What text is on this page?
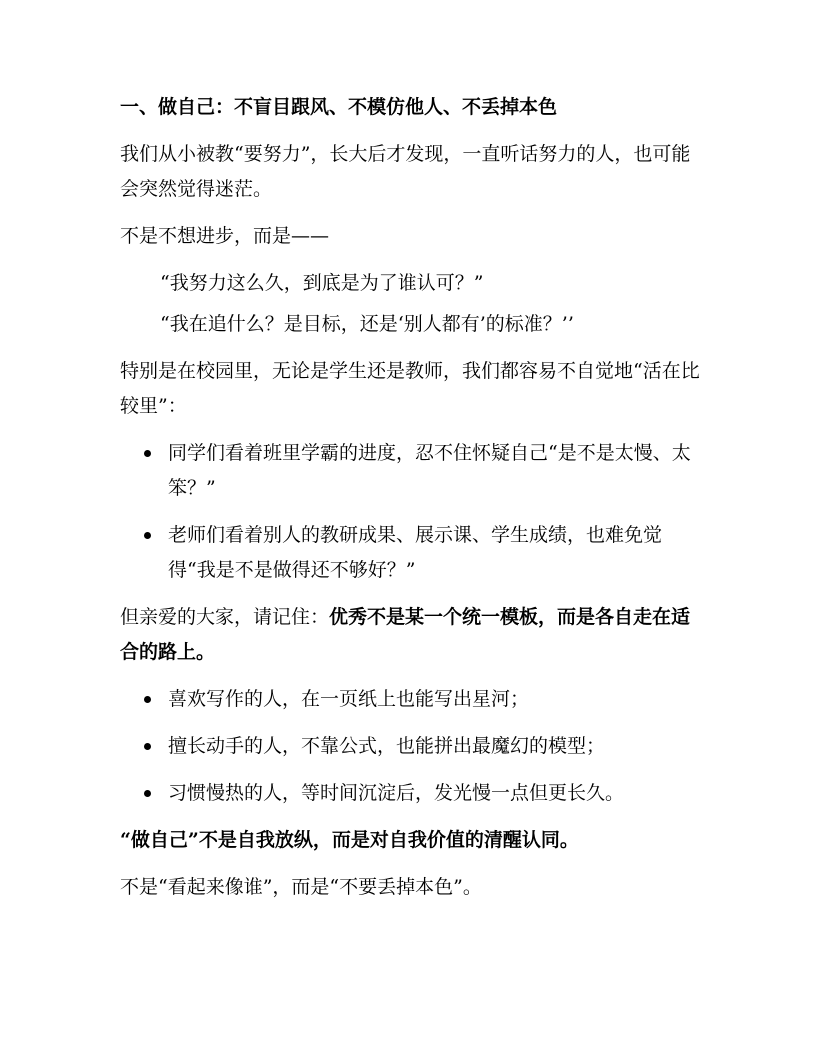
一、做自己：不盲目跟风、不模仿他人、不丢掉本色

我们从小被教“要努力”，长大后才发现，一直听话努力的人，也可能会突然觉得迷茫。

不是不想进步，而是——

“我努力这么久，到底是为了谁认可？”
“我在追什么？是目标，还是‘别人都有’的标准？’’

特别是在校园里，无论是学生还是教师，我们都容易不自觉地“活在比较里”：

同学们看着班里学霸的进度，忍不住怀疑自己“是不是太慢、太笨？”
老师们看着别人的教研成果、展示课、学生成绩，也难免觉得“我是不是做得还不够好？”

但亲爱的大家，请记住：优秀不是某一个统一模板，而是各自走在适合的路上。

喜欢写作的人，在一页纸上也能写出星河；
擅长动手的人，不靠公式，也能拼出最魔幻的模型；
习惯慢热的人，等时间沉淀后，发光慢一点但更长久。

“做自己”不是自我放纵，而是对自我价值的清醒认同。

不是“看起来像谁”，而是“不要丢掉本色”。
